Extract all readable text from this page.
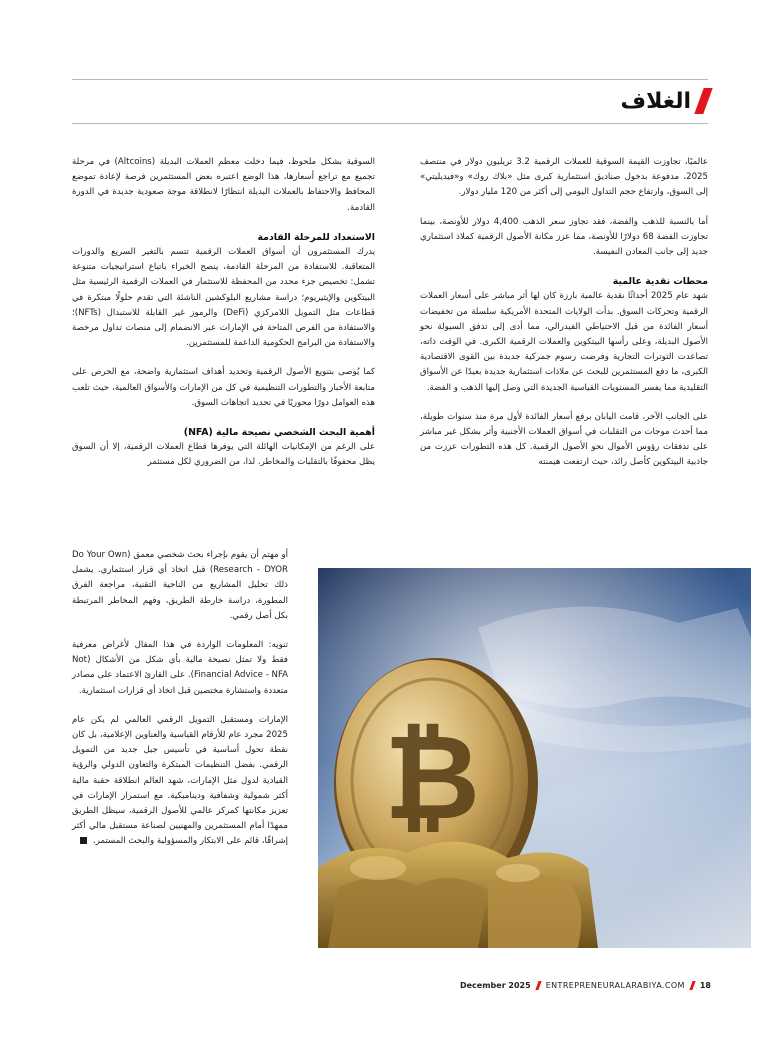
الغلاف

عالميًا، تجاوزت القيمة السوقية للعملات الرقمية 3.2 تريليون دولار في منتصف 2025، مدفوعة بدخول صناديق استثمارية كبرى مثل «بلاك روك» و«فيديليتي» إلى السوق، وارتفاع حجم التداول اليومي إلى أكثر من 120 مليار دولار.

أما بالنسبة للذهب والفضة، فقد تجاوز سعر الذهب 4,400 دولار للأونصة، بينما تجاوزت الفضة 68 دولارًا للأونصة، مما عزز مكانة الأصول الرقمية كملاذ استثماري جديد إلى جانب المعادن النفيسة.

محطات نقدية عالمية

شهد عام 2025 أحداثًا نقدية عالمية بارزة كان لها أثر مباشر على أسعار العملات الرقمية وتحركات السوق. بدأت الولايات المتحدة الأمريكية سلسلة من تخفيضات أسعار الفائدة من قبل الاحتياطي الفيدرالي، مما أدى إلى تدفق السيولة نحو الأصول البديلة، وعلى رأسها البيتكوين والعملات الرقمية الكبرى. في الوقت ذاته، تصاعدت التوترات التجارية وفرضت رسوم جمركية جديدة بين القوى الاقتصادية الكبرى، ما دفع المستثمرين للبحث عن ملاذات استثمارية جديدة بعيدًا عن الأسواق التقليدية مما يفسر المستويات القياسية الجديدة التي وصل إليها الذهب و الفضة.

على الجانب الآخر، قامت اليابان برفع أسعار الفائدة لأول مرة منذ سنوات طويلة، مما أحدث موجات من التقلبات في أسواق العملات الأجنبية وأثر بشكل غير مباشر على تدفقات رؤوس الأموال نحو الأصول الرقمية. كل هذه التطورات عززت من جاذبية البيتكوين كأصل رائد، حيث ارتفعت هيمنته

السوقية بشكل ملحوظ، فيما دخلت معظم العملات البديلة (Altcoins) في مرحلة تجميع مع تراجع أسعارها، هذا الوضع اعتبره بعض المستثمرين فرصة لإعادة تموضع المحافظ والاحتفاظ بالعملات البديلة انتظارًا لانطلاقة موجة صعودية جديدة في الدورة القادمة.

الاستعداد للمرحلة القادمة

يدرك المستثمرون أن أسواق العملات الرقمية تتسم بالتغير السريع والدورات المتعاقبة. للاستفادة من المرحلة القادمة، ينصح الخبراء باتباع استراتيجيات متنوعة تشمل: تخصيص جزء محدد من المحفظة للاستثمار في العملات الرقمية الرئيسية مثل البيتكوين والإيثيريوم؛ دراسة مشاريع البلوكشين الناشئة التي تقدم حلولًا مبتكرة في قطاعات مثل التمويل اللامركزي (DeFi) والرموز غير القابلة للاستبدال (NFTs)؛ والاستفادة من الفرص المتاحة في الإمارات عبر الانضمام إلى منصات تداول مرخصة والاستفادة من البرامج الحكومية الداعمة للمستثمرين.

كما يُوصى بتنويع الأصول الرقمية وتحديد أهداف استثمارية واضحة، مع الحرص على متابعة الأخبار والتطورات التنظيمية في كل من الإمارات والأسواق العالمية، حيث تلعب هذه العوامل دورًا محوريًا في تحديد اتجاهات السوق.

أهمية البحث الشخصي نصيحة مالية (NFA)

على الرغم من الإمكانيات الهائلة التي يوفرها قطاع العملات الرقمية، إلا أن السوق يظل محفوفًا بالتقلبات والمخاطر. لذا، من الضروري لكل مستثمر

أو مهتم أن يقوم بإجراء بحث شخصي معمق (Do Your Own Research - DYOR) قبل اتخاذ أي قرار استثماري. يشمل ذلك تحليل المشاريع من الناحية التقنية، مراجعة الفرق المطورة، دراسة خارطة الطريق، وفهم المخاطر المرتبطة بكل أصل رقمي.

تنويه: المعلومات الواردة في هذا المقال لأغراض معرفية فقط ولا تمثل نصيحة مالية بأي شكل من الأشكال (Not Financial Advice - NFA). على القارئ الاعتماد على مصادر متعددة واستشارة مختصين قبل اتخاذ أي قرارات استثمارية.

الإمارات ومستقبل التمويل الرقمي العالمي لم يكن عام 2025 مجرد عام للأرقام القياسية والعناوين الإعلامية، بل كان نقطة تحول أساسية في تأسيس جيل جديد من التمويل الرقمي. بفضل التنظيمات المبتكرة والتعاون الدولي والرؤية القيادية لدول مثل الإمارات، شهد العالم انطلاقة حقبة مالية أكثر شمولية وشفافية وديناميكية. مع استمرار الإمارات في تعزيز مكانتها كمركز عالمي للأصول الرقمية، سيظل الطريق ممهدًا أمام المستثمرين والمهنيين لصناعة مستقبل مالي أكثر إشراقًا، قائم على الابتكار والمسؤولية والبحث المستمر. ₿
December 2025 ENTREPRENEURALARABIYA.COM 18
